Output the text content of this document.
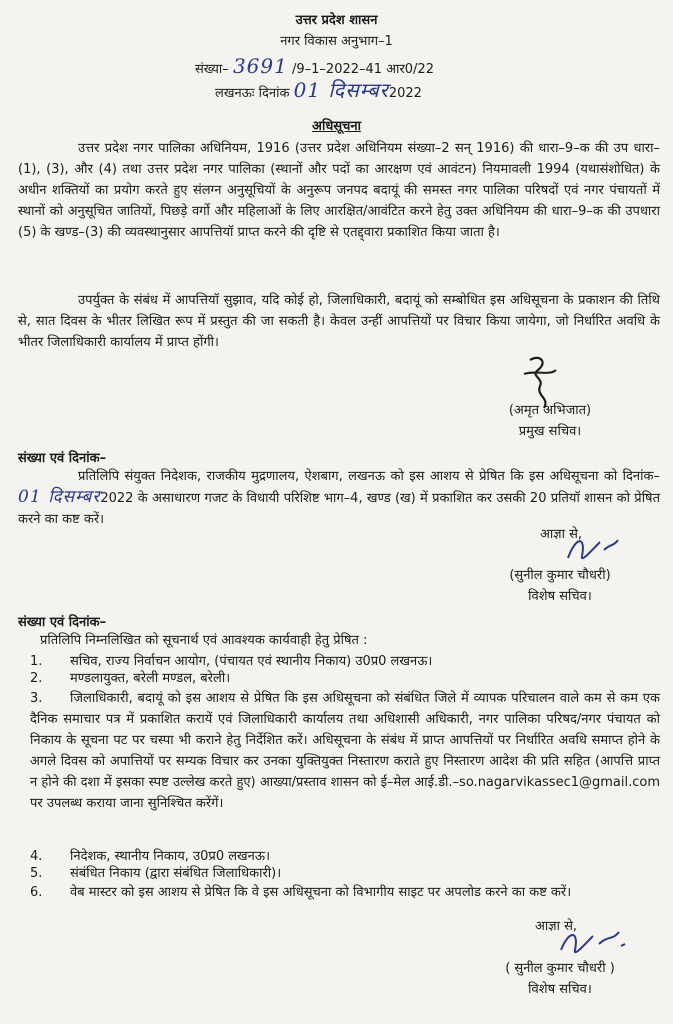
उत्तर प्रदेश शासन
नगर विकास अनुभाग–1
संख्या– 3691 /9–1–2022–41 आर0/22
लखनऊः दिनांक 01 दिसम्बर2022
अधिसूचना
उत्तर प्रदेश नगर पालिका अधिनियम, 1916 (उत्तर प्रदेश अधिनियम संख्या–2 सन् 1916) की धारा–9–क की उप धारा–(1), (3), और (4) तथा उत्तर प्रदेश नगर पालिका (स्थानों और पदों का आरक्षण एवं आवंटन) नियमावली 1994 (यथासंशोधित) के अधीन शक्तियों का प्रयोग करते हुए संलग्न अनुसूचियों के अनुरूप जनपद बदायूं की समस्त नगर पालिका परिषदों एवं नगर पंचायतों में स्थानों को अनुसूचित जातियों, पिछड़े वर्गो और महिलाओं के लिए आरक्षित/आवंटित करने हेतु उक्त अधिनियम की धारा–9–क की उपधारा (5) के खण्ड–(3) की व्यवस्थानुसार आपत्तियॉ प्राप्त करने की दृष्टि से एतद्द्वारा प्रकाशित किया जाता है।
उपर्युक्त के संबंध में आपत्तियॉ सुझाव, यदि कोई हो, जिलाधिकारी, बदायूं को सम्बोधित इस अधिसूचना के प्रकाशन की तिथि से, सात दिवस के भीतर लिखित रूप में प्रस्तुत की जा सकती है। केवल उन्हीं आपत्तियों पर विचार किया जायेगा, जो निर्धारित अवधि के भीतर जिलाधिकारी कार्यालय में प्राप्त होंगी।
(अमृत अभिजात)
प्रमुख सचिव।
संख्या एवं दिनांक–
प्रतिलिपि संयुक्त निदेशक, राजकीय मुद्रणालय, ऐशबाग, लखनऊ को इस आशय से प्रेषित कि इस अधिसूचना को दिनांक–01 दिसम्बर2022 के असाधारण गजट के विधायी परिशिष्ट भाग–4, खण्ड (ख) में प्रकाशित कर उसकी 20 प्रतियॉ शासन को प्रेषित करने का कष्ट करें।
आज्ञा से,
(सुनील कुमार चौधरी)
विशेष सचिव।
संख्या एवं दिनांक–
प्रतिलिपि निम्नलिखित को सूचनार्थ एवं आवश्यक कार्यवाही हेतु प्रेषित :
1. सचिव, राज्य निर्वाचन आयोग, (पंचायत एवं स्थानीय निकाय) उ0प्र0 लखनऊ।
2. मण्डलायुक्त, बरेली मण्डल, बरेली।
3. जिलाधिकारी, बदायूं को इस आशय से प्रेषित कि इस अधिसूचना को संबंधित जिले में व्यापक परिचालन वाले कम से कम एक दैनिक समाचार पत्र में प्रकाशित करायें एवं जिलाधिकारी कार्यालय तथा अधिशासी अधिकारी, नगर पालिका परिषद/नगर पंचायत को निकाय के सूचना पट पर चस्पा भी कराने हेतु निर्देशित करें। अधिसूचना के संबंध में प्राप्त आपत्तियों पर निर्धारित अवधि समाप्त होने के अगले दिवस को अपात्तियों पर सम्यक विचार कर उनका युक्तियुक्त निस्तारण कराते हुए निस्तारण आदेश की प्रति सहित (आपत्ति प्राप्त न होने की दशा में इसका स्पष्ट उल्लेख करते हुए) आख्या/प्रस्ताव शासन को ई–मेल आई.डी.–so.nagarvikassec1@gmail.com पर उपलब्ध कराया जाना सुनिश्चित करेंगें।
4. निदेशक, स्थानीय निकाय, उ0प्र0 लखनऊ।
5. संबंधित निकाय (द्वारा संबंधित जिलाधिकारी)।
6. वेब मास्टर को इस आशय से प्रेषित कि वे इस अधिसूचना को विभागीय साइट पर अपलोड करने का कष्ट करें।
आज्ञा से,
( सुनील कुमार चौधरी )
विशेष सचिव।
